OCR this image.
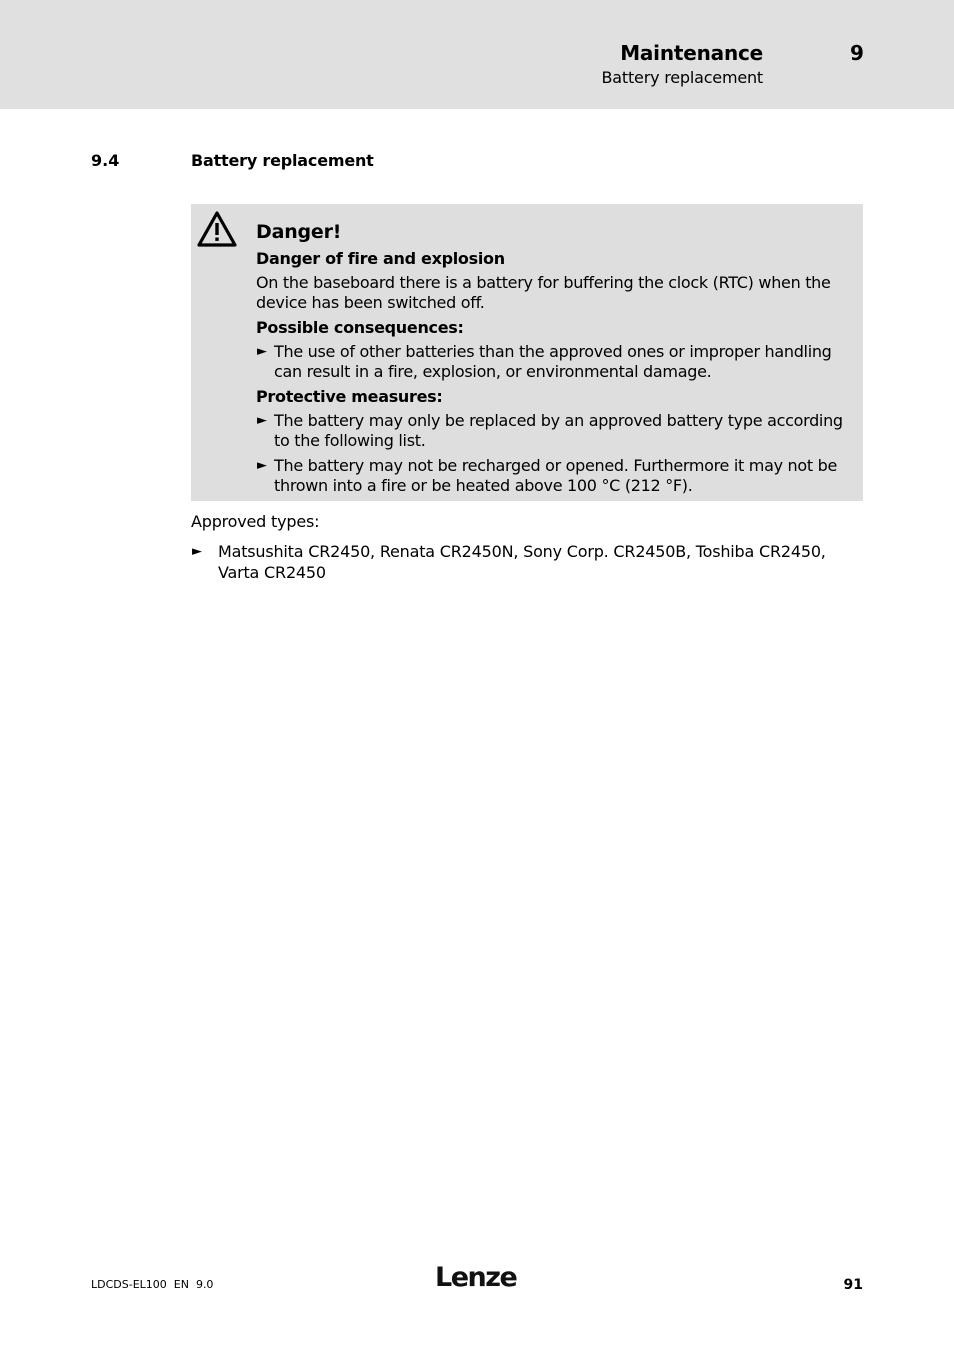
Maintenance	9
Battery replacement
9.4	Battery replacement
Danger!
Danger of fire and explosion
On the baseboard there is a battery for buffering the clock (RTC) when the device has been switched off.
Possible consequences:
► The use of other batteries than the approved ones or improper handling can result in a fire, explosion, or environmental damage.
Protective measures:
► The battery may only be replaced by an approved battery type according to the following list.
► The battery may not be recharged or opened. Furthermore it may not be thrown into a fire or be heated above 100 °C (212 °F).
Approved types:
► Matsushita CR2450, Renata CR2450N, Sony Corp. CR2450B, Toshiba CR2450, Varta CR2450
LDCDS-EL100  EN  9.0	Lenze	91
